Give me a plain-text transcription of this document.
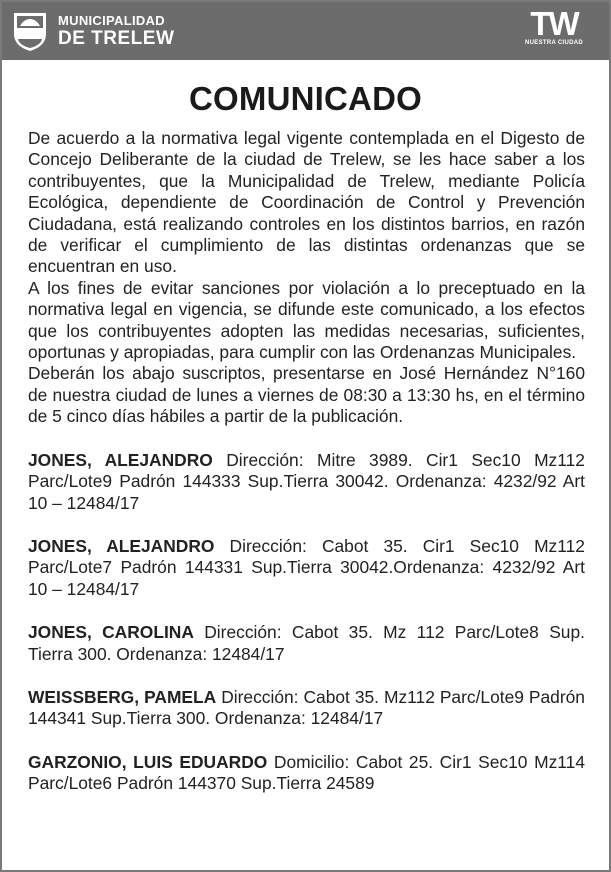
MUNICIPALIDAD
DE TRELEW	TW
NUESTRA CIUDAD
COMUNICADO

De acuerdo a la normativa legal vigente contemplada en el Digesto de Concejo Deliberante de la ciudad de Trelew, se les hace saber a los contribuyentes, que la Municipalidad de Trelew, mediante Policía Ecológica, dependiente de Coordinación de Control y Prevención Ciudadana, está realizando controles en los distintos barrios, en razón de verificar el cumplimiento de las distintas ordenanzas que se encuentran en uso.

A los fines de evitar sanciones por violación a lo preceptuado en la normativa legal en vigencia, se difunde este comunicado, a los efectos que los contribuyentes adopten las medidas necesarias, suficientes, oportunas y apropiadas, para cumplir con las Ordenanzas Municipales.

Deberán los abajo suscriptos, presentarse en José Hernández N°160 de nuestra ciudad de lunes a viernes de 08:30 a 13:30 hs, en el término de 5 cinco días hábiles a partir de la publicación.

JONES, ALEJANDRO Dirección: Mitre 3989. Cir1 Sec10 Mz112 Parc/Lote9 Padrón 144333 Sup.Tierra 30042. Ordenanza: 4232/92 Art 10 – 12484/17

JONES, ALEJANDRO Dirección: Cabot 35. Cir1 Sec10 Mz112 Parc/Lote7 Padrón 144331 Sup.Tierra 30042.Ordenanza: 4232/92 Art 10 – 12484/17

JONES, CAROLINA Dirección: Cabot 35. Mz 112 Parc/Lote8 Sup. Tierra 300. Ordenanza: 12484/17

WEISSBERG, PAMELA Dirección: Cabot 35. Mz112 Parc/Lote9 Padrón 144341 Sup.Tierra 300. Ordenanza: 12484/17

GARZONIO, LUIS EDUARDO Domicilio: Cabot 25. Cir1 Sec10 Mz114 Parc/Lote6 Padrón 144370 Sup.Tierra 24589
